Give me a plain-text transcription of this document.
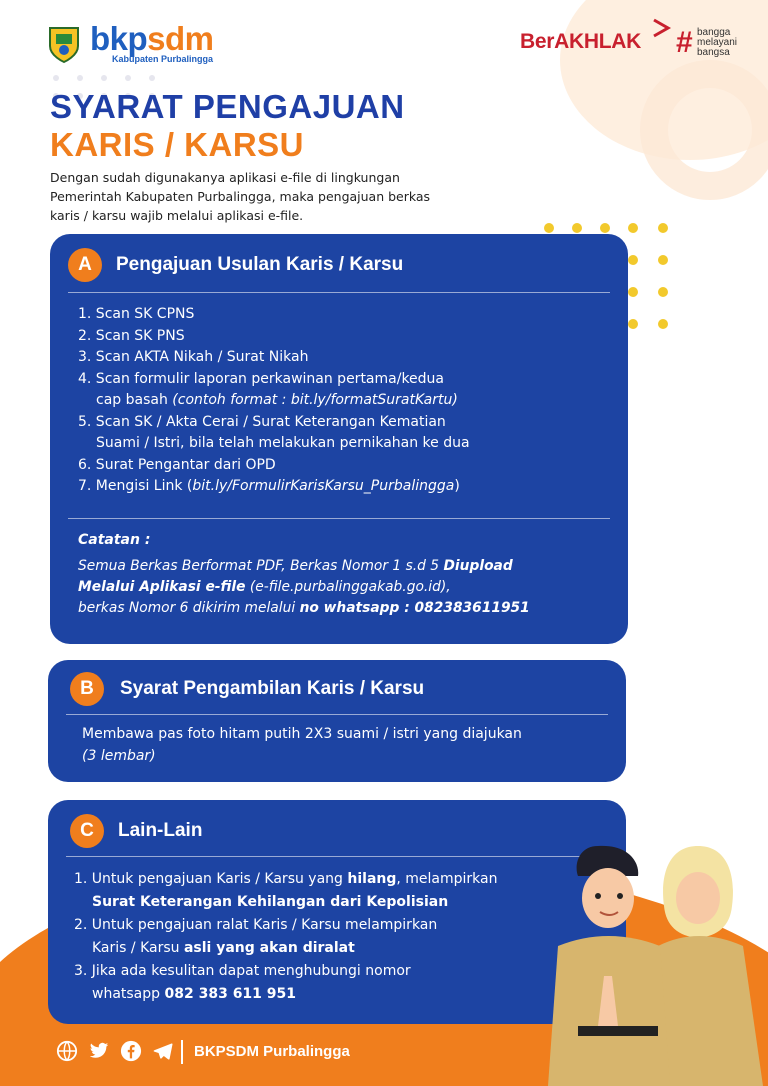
bkpsdm
Kabupaten Purbalingga
BerAKHLAK # bangga
melayani
bangsa
SYARAT PENGAJUAN
KARIS / KARSU
Dengan sudah digunakanya aplikasi e-file di lingkungan
Pemerintah Kabupaten Purbalingga, maka pengajuan berkas
karis / karsu wajib melalui aplikasi e-file.
A	Pengajuan Usulan Karis / Karsu
1. Scan SK CPNS
2. Scan SK PNS
3. Scan AKTA Nikah / Surat Nikah
4. Scan formulir laporan perkawinan pertama/kedua
cap basah (contoh format : bit.ly/formatSuratKartu)
5. Scan SK / Akta Cerai / Surat Keterangan Kematian
Suami / Istri, bila telah melakukan pernikahan ke dua
6. Surat Pengantar dari OPD
7. Mengisi Link (bit.ly/FormulirKarisKarsu_Purbalingga)
Catatan :
Semua Berkas Berformat PDF, Berkas Nomor 1 s.d 5 Diupload
Melalui Aplikasi e-file (e-file.purbalinggakab.go.id),
berkas Nomor 6 dikirim melalui no whatsapp : 082383611951
B	Syarat Pengambilan Karis / Karsu
Membawa pas foto hitam putih 2X3 suami / istri yang diajukan
(3 lembar)
C	Lain-Lain
1. Untuk pengajuan Karis / Karsu yang hilang, melampirkan
Surat Keterangan Kehilangan dari Kepolisian
2. Untuk pengajuan ralat Karis / Karsu melampirkan
Karis / Karsu asli yang akan diralat
3. Jika ada kesulitan dapat menghubungi nomor
whatsapp 082 383 611 951
BKPSDM Purbalingga
